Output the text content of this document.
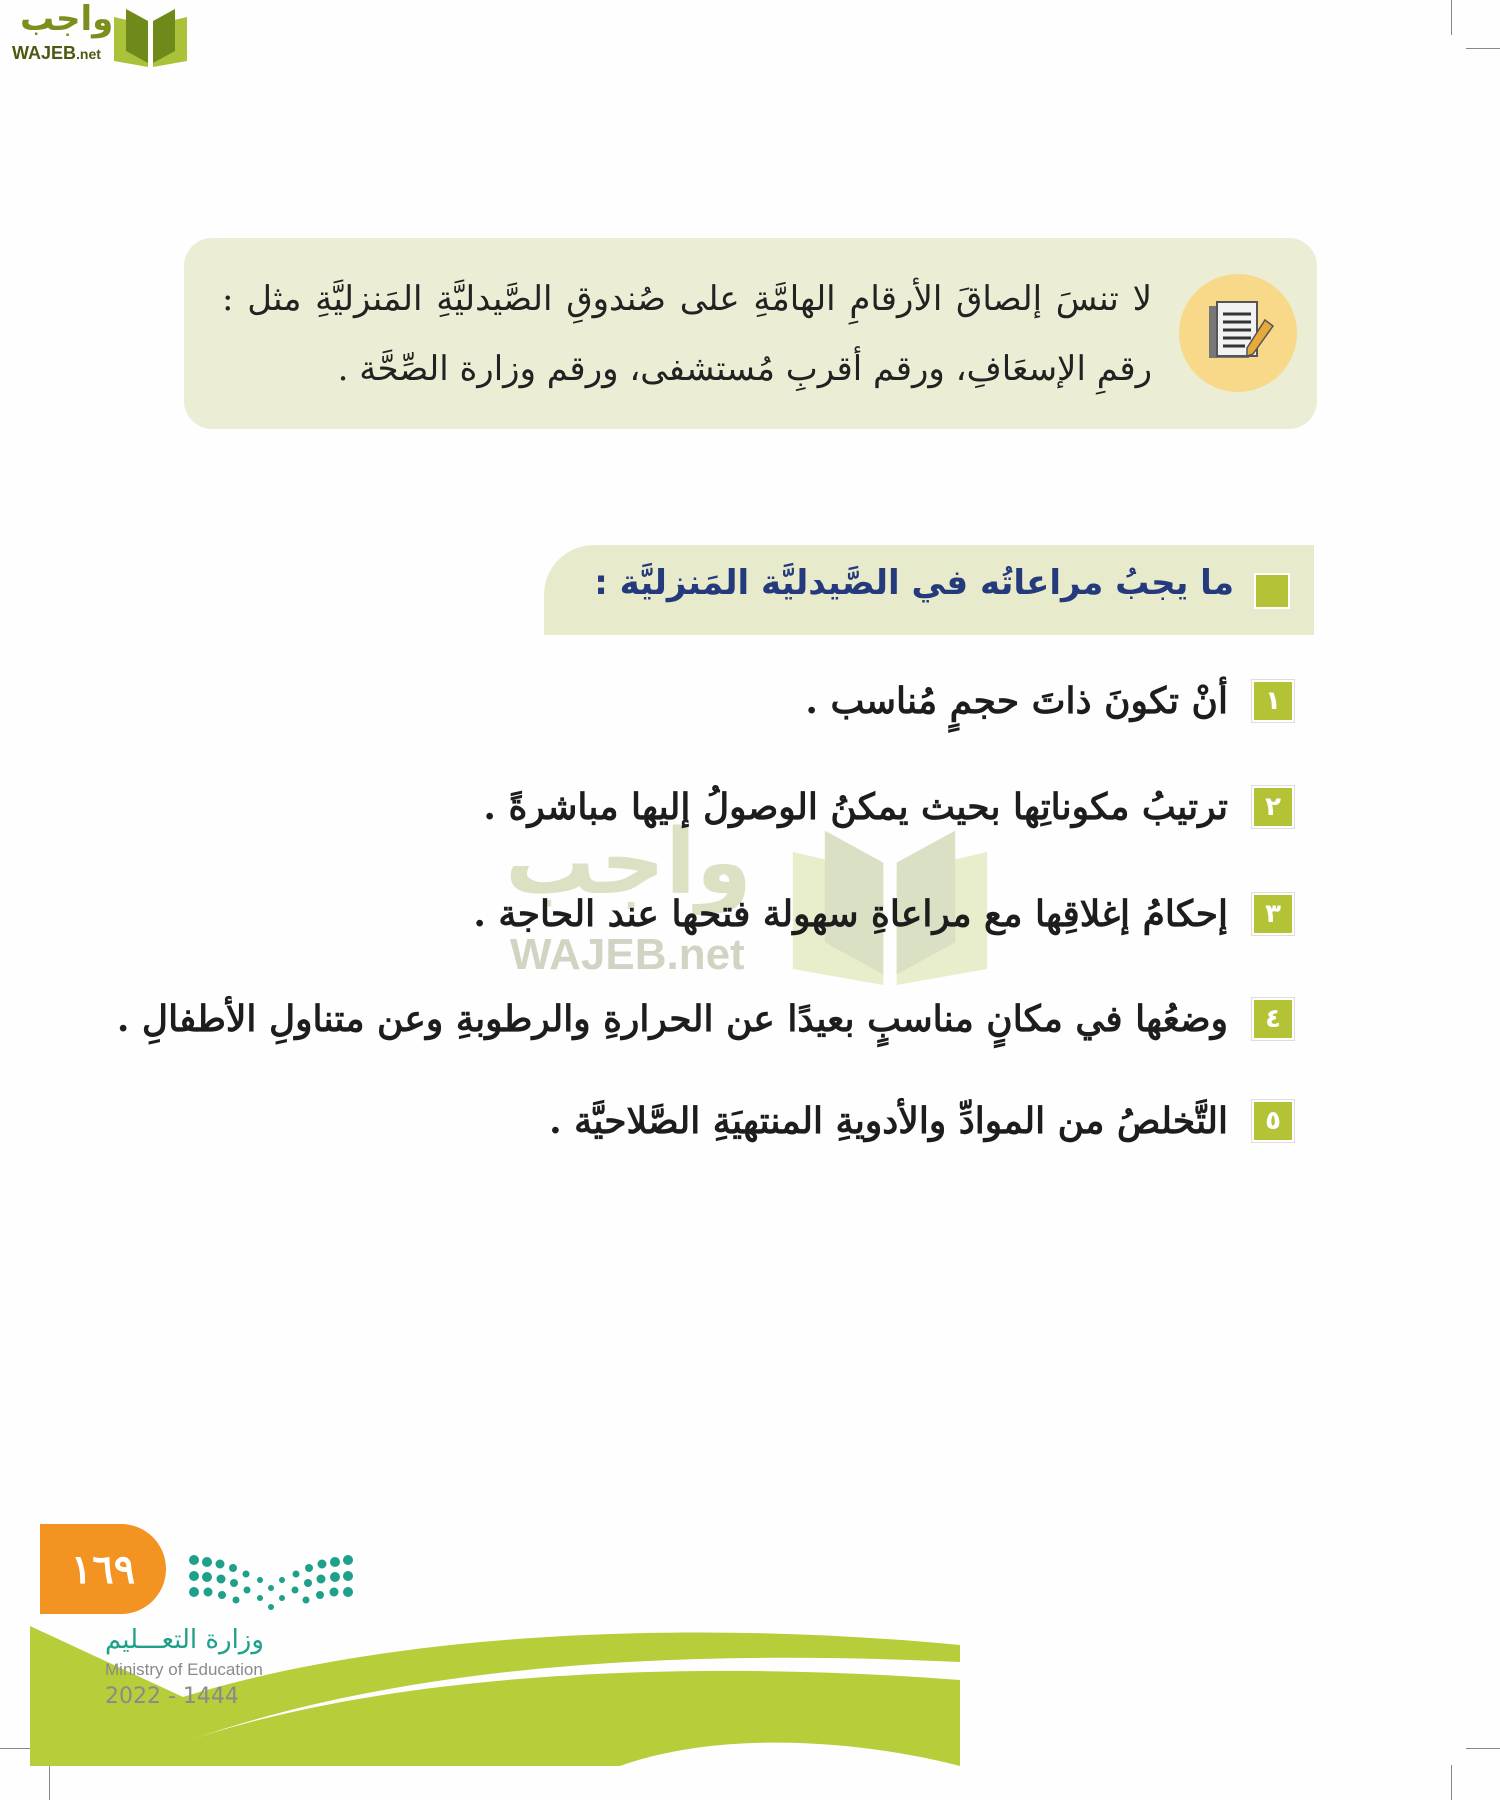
واجب
WAJEB.net
لا تنسَ إلصاقَ الأرقامِ الهامَّةِ على صُندوقِ الصَّيدليَّةِ المَنزليَّةِ مثل : رقمِ الإسعَافِ، ورقم أقربِ مُستشفى، ورقم وزارة الصِّحَّة .
ما يجبُ مراعاتُه في الصَّيدليَّة المَنزليَّة :
واجب
WAJEB.net
١
أنْ تكونَ ذاتَ حجمٍ مُناسب .
٢
ترتيبُ مكوناتِها بحيث يمكنُ الوصولُ إليها مباشرةً .
٣
إحكامُ إغلاقِها مع مراعاةِ سهولة فتحها عند الحاجة .
٤
وضعُها في مكانٍ مناسبٍ بعيدًا عن الحرارةِ والرطوبةِ وعن متناولِ الأطفالِ .
٥
التَّخلصُ من الموادِّ والأدويةِ المنتهيَةِ الصَّلاحيَّة .
١٦٩
وزارة التعـــليم
Ministry of Education
2022 - 1444
